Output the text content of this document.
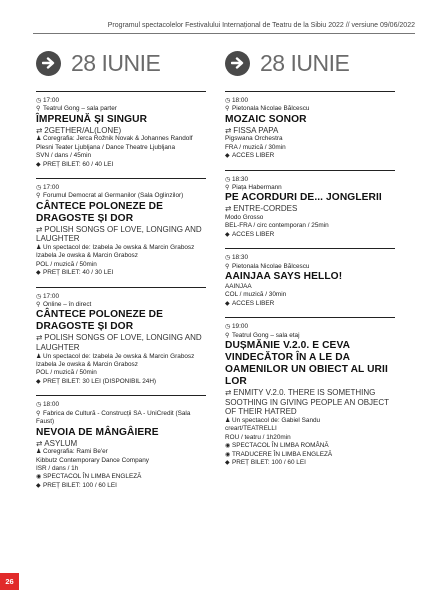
Programul spectacolelor Festivalului Internațional de Teatru de la Sibiu 2022 // versiune 09/06/2022
28 IUNIE
◷ 17:00
⚲ Teatrul Gong – sala parter
ÎMPREUNĂ ȘI SINGUR
⇄ 2GETHER/AL(LONE)
♟ Coregrafia: Jerca Rožnik Novak & Johannes Randolf
Plesni Teater Ljubljana / Dance Theatre Ljubljana
SVN / dans / 45min
◆ PREȚ BILET: 60 / 40 LEI
◷ 17:00
⚲ Forumul Democrat al Germanilor (Sala Oglinzilor)
CÂNTECE POLONEZE DE DRAGOSTE ȘI DOR
⇄ POLISH SONGS OF LOVE, LONGING AND LAUGHTER
♟ Un spectacol de: Izabela Je owska & Marcin Grabosz
Izabela Je owska & Marcin Grabosz
POL / muzică / 50min
◆ PREȚ BILET: 40 / 30 LEI
◷ 17:00
⚲ Online – în direct
CÂNTECE POLONEZE DE DRAGOSTE ȘI DOR
⇄ POLISH SONGS OF LOVE, LONGING AND LAUGHTER
♟ Un spectacol de: Izabela Je owska & Marcin Grabosz
Izabela Je owska & Marcin Grabosz
POL / muzică / 50min
◆ PREȚ BILET: 30 LEI (DISPONIBIL 24H)
◷ 18:00
⚲ Fabrica de Cultură - Construcții SA - UniCredit (Sala Faust)
NEVOIA DE MÂNGÂIERE
⇄ ASYLUM
♟ Coregrafia: Rami Be'er
Kibbutz Contemporary Dance Company
ISR / dans / 1h
◉ SPECTACOL ÎN LIMBA ENGLEZĂ
◆ PREȚ BILET: 100 / 60 LEI
28 IUNIE
◷ 18:00
⚲ Pietonala Nicolae Bălcescu
MOZAIC SONOR
⇄ FISSA PAPA
Pigswana Orchestra
FRA / muzică / 30min
◆ ACCES LIBER
◷ 18:30
⚲ Piața Habermann
PE ACORDURI DE... JONGLERII
⇄ ENTRE-CORDES
Modo Grosso
BEL-FRA / circ contemporan / 25min
◆ ACCES LIBER
◷ 18:30
⚲ Pietonala Nicolae Bălcescu
AAINJAA SAYS HELLO!
AAINJAA
COL / muzică / 30min
◆ ACCES LIBER
◷ 19:00
⚲ Teatrul Gong – sala etaj
DUȘMĂNIE V.2.0. E CEVA VINDECĂTOR ÎN A LE DA OAMENILOR UN OBIECT AL URII LOR
⇄ ENMITY V.2.0. THERE IS SOMETHING SOOTHING IN GIVING PEOPLE AN OBJECT OF THEIR HATRED
♟ Un spectacol de: Gabiel Sandu
creart/TEATRELLI
ROU / teatru / 1h20min
◉ SPECTACOL ÎN LIMBA ROMÂNĂ
◉ TRADUCERE ÎN LIMBA ENGLEZĂ
◆ PREȚ BILET: 100 / 60 LEI
26
